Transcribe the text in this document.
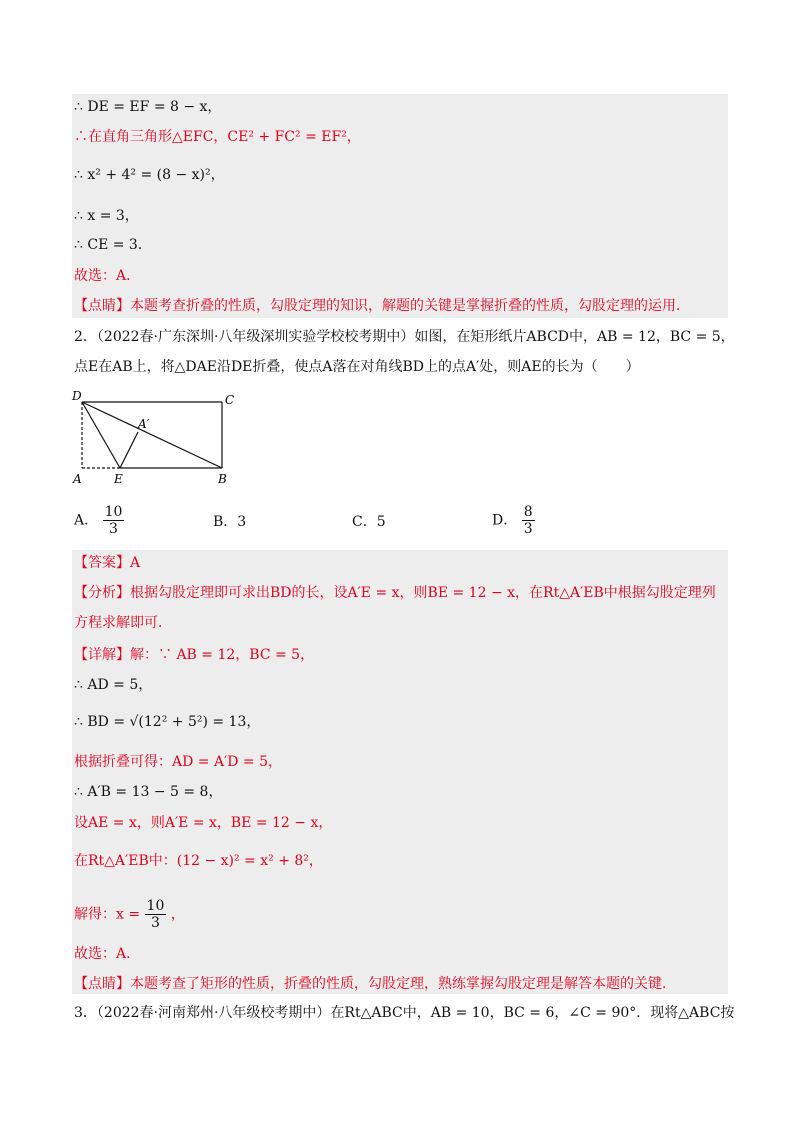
∴ DE = EF = 8 − x，
∴在直角三角形△EFC，CE² + FC² = EF²，
∴ x² + 4² = (8 − x)²，
∴ x = 3，
∴ CE = 3．
故选：A．
【点睛】本题考查折叠的性质，勾股定理的知识，解题的关键是掌握折叠的性质，勾股定理的运用．
2．（2022春·广东深圳·八年级深圳实验学校校考期中）如图，在矩形纸片ABCD中，AB = 12，BC = 5，
点E在AB上，将△DAE沿DE折叠，使点A落在对角线BD上的点A′处，则AE的长为（　　）
D	C
A′
A	E	B
A． $\frac{10}{3}$	B．3	C．5	D． $\frac{8}{3}$
【答案】A
【分析】根据勾股定理即可求出BD的长，设A′E = x，则BE = 12 − x，在Rt△A′EB中根据勾股定理列
方程求解即可．
【详解】解：∵ AB = 12，BC = 5，
∴ AD = 5，
∴ BD = √(12² + 5²) = 13，
根据折叠可得：AD = A′D = 5，
∴ A′B = 13 − 5 = 8，
设AE = x，则A′E = x，BE = 12 − x，
在Rt△A′EB中：(12 − x)² = x² + 8²，
解得：$x = \frac{10}{3}$ ，
故选：A．
【点睛】本题考查了矩形的性质，折叠的性质，勾股定理，熟练掌握勾股定理是解答本题的关键．
3．（2022春·河南郑州·八年级校考期中）在Rt△ABC中，AB = 10，BC = 6，∠C = 90°．现将△ABC按
